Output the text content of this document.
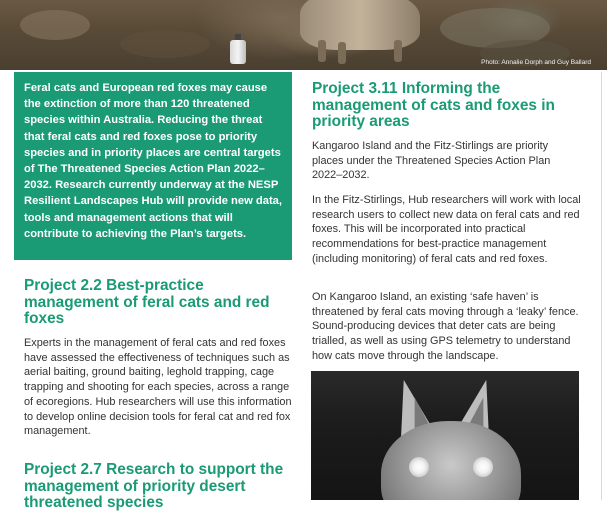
Photo: Annalie Dorph and Guy Ballard

Feral cats and European red foxes may cause the extinction of more than 120 threatened species within Australia. Reducing the threat that feral cats and red foxes pose to priority species and in priority places are central targets of The Threatened Species Action Plan 2022–2032. Research currently underway at the NESP Resilient Landscapes Hub will provide new data, tools and management actions that will contribute to achieving the Plan’s targets.

Project 2.2 Best-practice management of feral cats and red foxes

Experts in the management of feral cats and red foxes have assessed the effectiveness of techniques such as aerial baiting, ground baiting, leghold trapping, cage trapping and shooting for each species, across a range of ecoregions. Hub researchers will use this information to develop online decision tools for feral cat and red fox management.

Project 2.7 Research to support the management of priority desert threatened species
Project 3.11 Informing the management of cats and foxes in priority areas

Kangaroo Island and the Fitz-Stirlings are priority places under the Threatened Species Action Plan 2022–2032.

In the Fitz-Stirlings, Hub researchers will work with local research users to collect new data on feral cats and red foxes. This will be incorporated into practical recommendations for best-practice management (including monitoring) of feral cats and red foxes.

On Kangaroo Island, an existing ‘safe haven’ is threatened by feral cats moving through a ‘leaky’ fence. Sound-producing devices that deter cats are being trialled, as well as using GPS telemetry to understand how cats move through the landscape.
